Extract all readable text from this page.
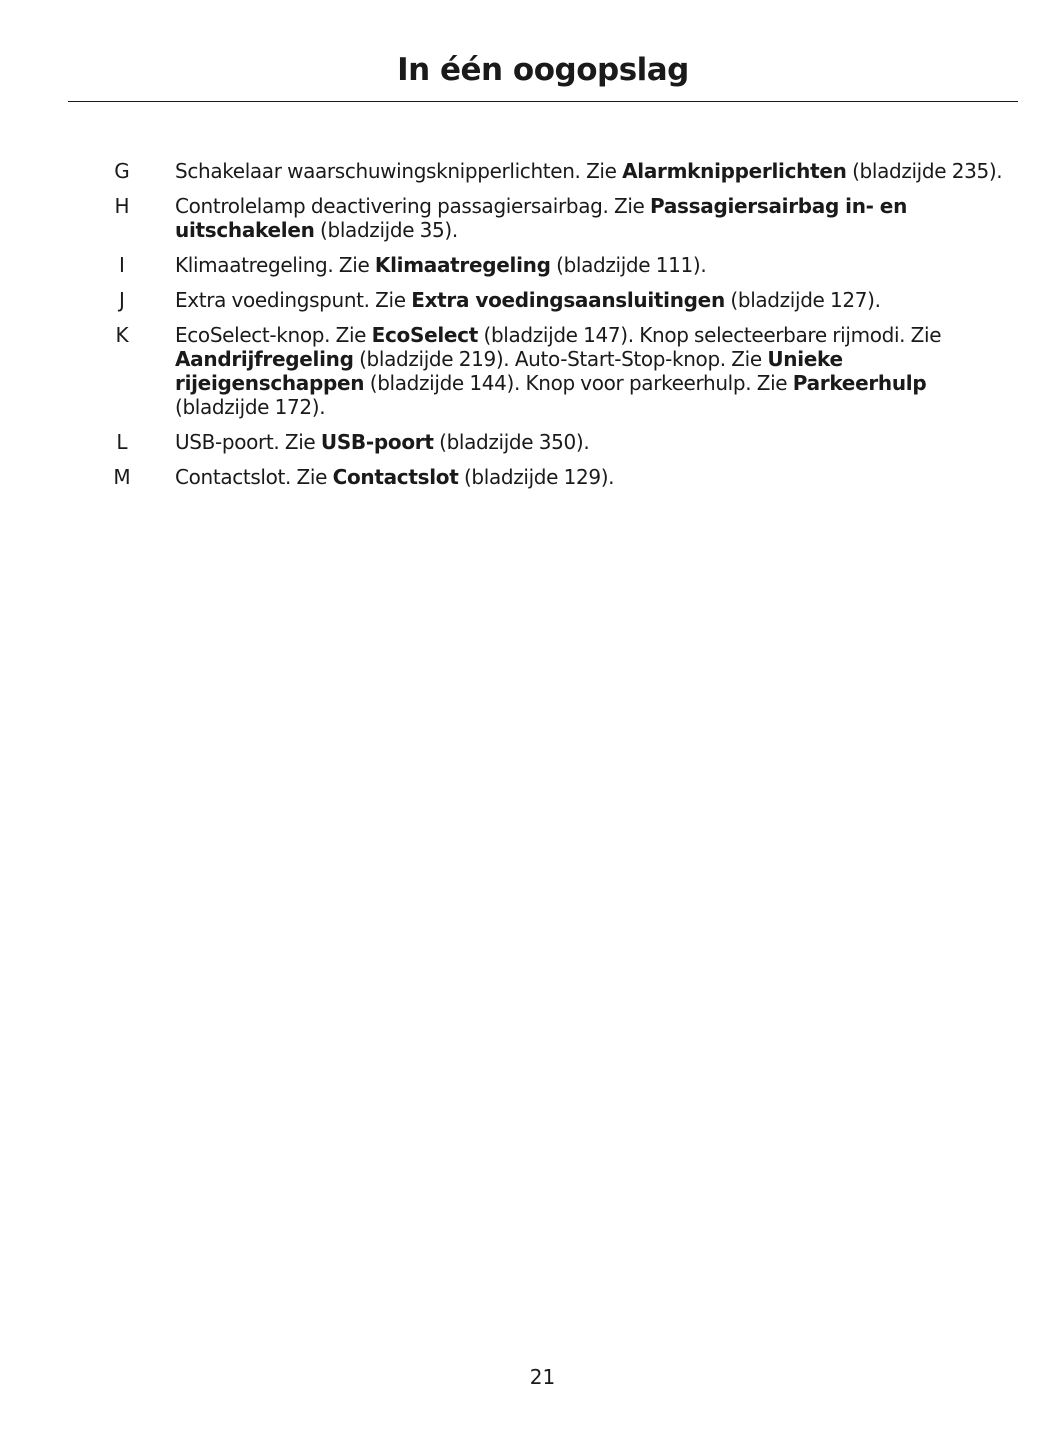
In één oogopslag
G	Schakelaar waarschuwingsknipperlichten. Zie Alarmknipperlichten (bladzijde 235).
H	Controlelamp deactivering passagiersairbag. Zie Passagiersairbag in- en uitschakelen (bladzijde 35).
I	Klimaatregeling. Zie Klimaatregeling (bladzijde 111).
J	Extra voedingspunt. Zie Extra voedingsaansluitingen (bladzijde 127).
K	EcoSelect-knop. Zie EcoSelect (bladzijde 147). Knop selecteerbare rijmodi. Zie Aandrijfregeling (bladzijde 219). Auto-Start-Stop-knop. Zie Unieke rijeigenschappen (bladzijde 144). Knop voor parkeerhulp. Zie Parkeerhulp (bladzijde 172).
L	USB-poort. Zie USB-poort (bladzijde 350).
M	Contactslot. Zie Contactslot (bladzijde 129).
21
